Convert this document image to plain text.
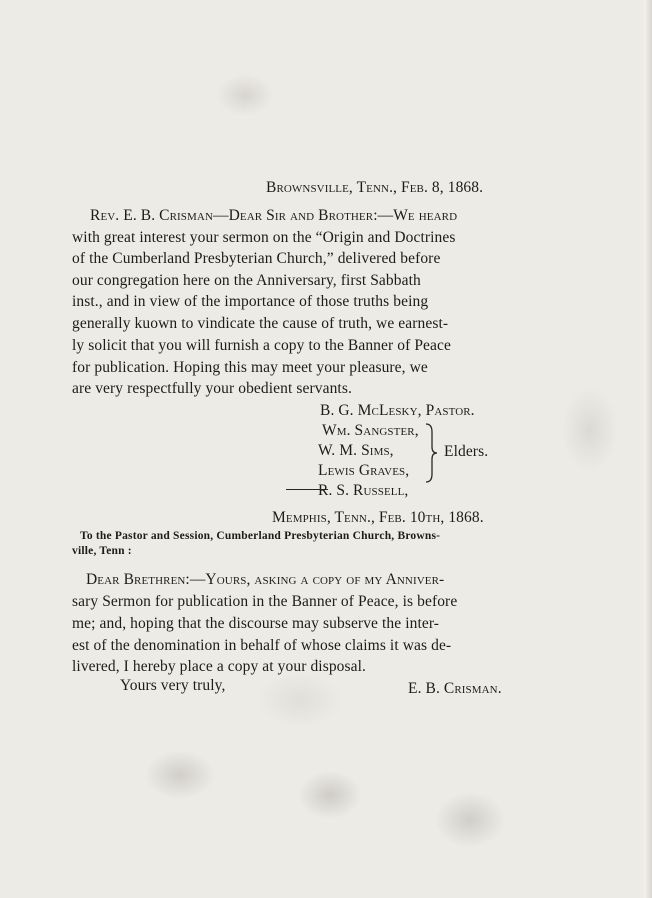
Brownsville, Tenn., Feb. 8, 1868.
Rev. E. B. Crisman—Dear Sir and Brother:—We heard
with great interest your sermon on the “Origin and Doctrines
of the Cumberland Presbyterian Church,” delivered before
our congregation here on the Anniversary, first Sabbath
inst., and in view of the importance of those truths being
generally kuown to vindicate the cause of truth, we earnest-
ly solicit that you will furnish a copy to the Banner of Peace
for publication. Hoping this may meet your pleasure, we
are very respectfully your obedient servants.
B. G. McLesky, Pastor.
Wm. Sangster,
W. M. Sims,
Lewis Graves,
R. S. Russell,
Elders.
Memphis, Tenn., Feb. 10th, 1868.
To the Pastor and Session, Cumberland Presbyterian Church, Browns-
ville, Tenn :
Dear Brethren:—Yours, asking a copy of my Anniver-
sary Sermon for publication in the Banner of Peace, is before
me; and, hoping that the discourse may subserve the inter-
est of the denomination in behalf of whose claims it was de-
livered, I hereby place a copy at your disposal.
Yours very truly,	E. B. Crisman.
